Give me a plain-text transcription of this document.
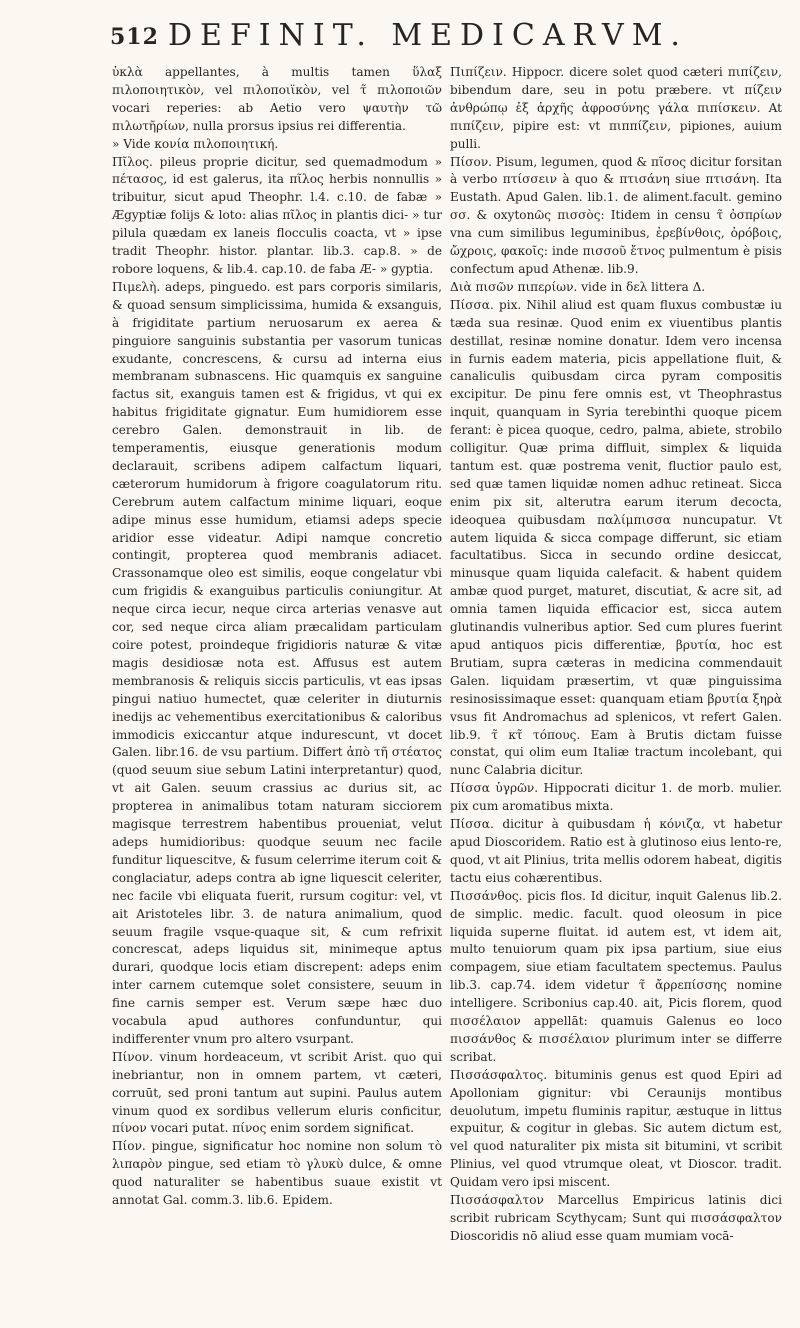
512 DEFINIT. MEDICARVM.

ὑκλὰ appellantes, à multis tamen ὕλαξ πιλοποιητικὸν, vel πιλοποιϊκὸν, vel τ̃ πιλοποιῶν vocari reperies: ab Aetio vero ψαυτὴν τῶ πιλωτῆρίων, nulla prorsus ipsius rei differentia.

» Vide κονία πιλοποιητική.

Πῖλος. pileus proprie dicitur, sed quemadmodum » πέτασος, id est galerus, ita πῖλος herbis nonnullis » tribuitur, sicut apud Theophr. l.4. c.10. de fabæ » Ægyptiæ folijs & loto: alias πῖλος in plantis dici- » tur pilula quædam ex laneis flocculis coacta, vt » ipse tradit Theophr. histor. plantar. lib.3. cap.8. » de robore loquens, & lib.4. cap.10. de faba Æ- » gyptia.

Πιμελὴ. adeps, pinguedo. est pars corporis similaris, & quoad sensum simplicissima, humida & exsanguis, à frigiditate partium neruosarum ex aerea & pinguiore sanguinis substantia per vasorum tunicas exudante, concrescens, & cursu ad interna eius membranam subnascens. Hic quamquis ex sanguine factus sit, exanguis tamen est & frigidus, vt qui ex habitus frigiditate gignatur. Eum humidiorem esse cerebro Galen. demonstrauit in lib. de temperamentis, eiusque generationis modum declarauit, scribens adipem calfactum liquari, cæterorum humidorum à frigore coagulatorum ritu. Cerebrum autem calfactum minime liquari, eoque adipe minus esse humidum, etiamsi adeps specie aridior esse videatur. Adipi namque concretio contingit, propterea quod membranis adiacet. Crassonamque oleo est similis, eoque congelatur vbi cum frigidis & exanguibus particulis coniungitur. At neque circa iecur, neque circa arterias venasve aut cor, sed neque circa aliam præcalidam particulam coire potest, proindeque frigidioris naturæ & vitæ magis desidiosæ nota est. Affusus est autem membranosis & reliquis siccis particulis, vt eas ipsas pingui natiuo humectet, quæ celeriter in diuturnis inedijs ac vehementibus exercitationibus & caloribus immodicis exiccantur atque indurescunt, vt docet Galen. libr.16. de vsu partium. Differt ἀπὸ τῆ στέατος (quod seuum siue sebum Latini interpretantur) quod, vt ait Galen. seuum crassius ac durius sit, ac propterea in animalibus totam naturam sicciorem magisque terrestrem habentibus proueniat, velut adeps humidioribus: quodque seuum nec facile funditur liquescitve, & fusum celerrime iterum coit & conglaciatur, adeps contra ab igne liquescit celeriter, nec facile vbi eliquata fuerit, rursum cogitur: vel, vt ait Aristoteles libr. 3. de natura animalium, quod seuum fragile vsque-quaque sit, & cum refrixit concrescat, adeps liquidus sit, minimeque aptus durari, quodque locis etiam discrepent: adeps enim inter carnem cutemque solet consistere, seuum in fine carnis semper est. Verum sæpe hæc duo vocabula apud authores confunduntur, qui indifferenter vnum pro altero vsurpant.

Πίνον. vinum hordeaceum, vt scribit Arist. quo qui inebriantur, non in omnem partem, vt cæteri, corruūt, sed proni tantum aut supini. Paulus autem vinum quod ex sordibus vellerum eluris conficitur, πίνον vocari putat. πίνος enim sordem significat.

Πίον. pingue, significatur hoc nomine non solum τὸ λιπαρὸν pingue, sed etiam τὸ γλυκὺ dulce, & omne quod naturaliter se habentibus suaue existit vt annotat Gal. comm.3. lib.6. Epidem.

Πιπίζειν. Hippocr. dicere solet quod cæteri πιπίζειν, bibendum dare, seu in potu præbere. vt πίζειν ἀνθρώπῳ ἐξ ἀρχῆς ἀφροσύνης γάλα πιπίσκειν. At πιπίζειν, pipire est: vt πιππίζειν, pipiones, auium pulli.

Πίσον. Pisum, legumen, quod & πῖσος dicitur forsitan à verbo πτίσσειν à quo & πτισάνη siue πτισάνη. Ita Eustath. Apud Galen. lib.1. de aliment.facult. gemino σσ. & oxytonῶς πισσὸς: Itidem in censu τ̃ ὀσπρίων vna cum similibus leguminibus, ἐρεβίνθοις, ὀρόβοις, ὤχροις, φακοῖς: inde πισσοῦ ἔτνος pulmentum è pisis confectum apud Athenæ. lib.9.

Διὰ πισῶν πιπερίων. vide in δελ littera Δ.

Πίσσα. pix. Nihil aliud est quam fluxus combustæ iu tæda sua resinæ. Quod enim ex viuentibus plantis destillat, resinæ nomine donatur. Idem vero incensa in furnis eadem materia, picis appellatione fluit, & canaliculis quibusdam circa pyram compositis excipitur. De pinu fere omnis est, vt Theophrastus inquit, quanquam in Syria terebinthi quoque picem ferant: è picea quoque, cedro, palma, abiete, strobilo colligitur. Quæ prima diffluit, simplex & liquida tantum est. quæ postrema venit, fluctior paulo est, sed quæ tamen liquidæ nomen adhuc retineat. Sicca enim pix sit, alterutra earum iterum decocta, ideoquea quibusdam παλίμπισσα nuncupatur. Vt autem liquida & sicca compage differunt, sic etiam facultatibus. Sicca in secundo ordine desiccat, minusque quam liquida calefacit. & habent quidem ambæ quod purget, maturet, discutiat, & acre sit, ad omnia tamen liquida efficacior est, sicca autem glutinandis vulneribus aptior. Sed cum plures fuerint apud antiquos picis differentiæ, βρυτία, hoc est Brutiam, supra cæteras in medicina commendauit Galen. liquidam præsertim, vt quæ pinguissima resinosissimaque esset: quanquam etiam βρυτία ξηρὰ vsus fit Andromachus ad splenicos, vt refert Galen. lib.9. τ̃ κτ̃ τόπους. Eam à Brutis dictam fuisse constat, qui olim eum Italiæ tractum incolebant, qui nunc Calabria dicitur.

Πίσσα ὑγρῶν. Hippocrati dicitur 1. de morb. mulier. pix cum aromatibus mixta.

Πίσσα. dicitur à quibusdam ἡ κόνιζα, vt habetur apud Dioscoridem. Ratio est à glutinoso eius lento-re, quod, vt ait Plinius, trita mellis odorem habeat, digitis tactu eius cohærentibus.

Πισσάνθος. picis flos. Id dicitur, inquit Galenus lib.2. de simplic. medic. facult. quod oleosum in pice liquida superne fluitat. id autem est, vt idem ait, multo tenuiorum quam pix ipsa partium, siue eius compagem, siue etiam facultatem spectemus. Paulus lib.3. cap.74. idem videtur τ̃ ἄρρεπίσσης nomine intelligere. Scribonius cap.40. ait, Picis florem, quod πισσέλαιον appellāt: quamuis Galenus eo loco πισσάνθος & πισσέλαιον plurimum inter se differre scribat.

Πισσάσφαλτος. bituminis genus est quod Epiri ad Apolloniam gignitur: vbi Ceraunijs montibus deuolutum, impetu fluminis rapitur, æstuque in littus expuitur, & cogitur in glebas. Sic autem dictum est, vel quod naturaliter pix mista sit bitumini, vt scribit Plinius, vel quod vtrumque oleat, vt Dioscor. tradit. Quidam vero ipsi miscent.

Πισσάσφαλτον Marcellus Empiricus latinis dici scribit rubricam Scythycam; Sunt qui πισσάσφαλτον Dioscoridis nō aliud esse quam mumiam vocā-
